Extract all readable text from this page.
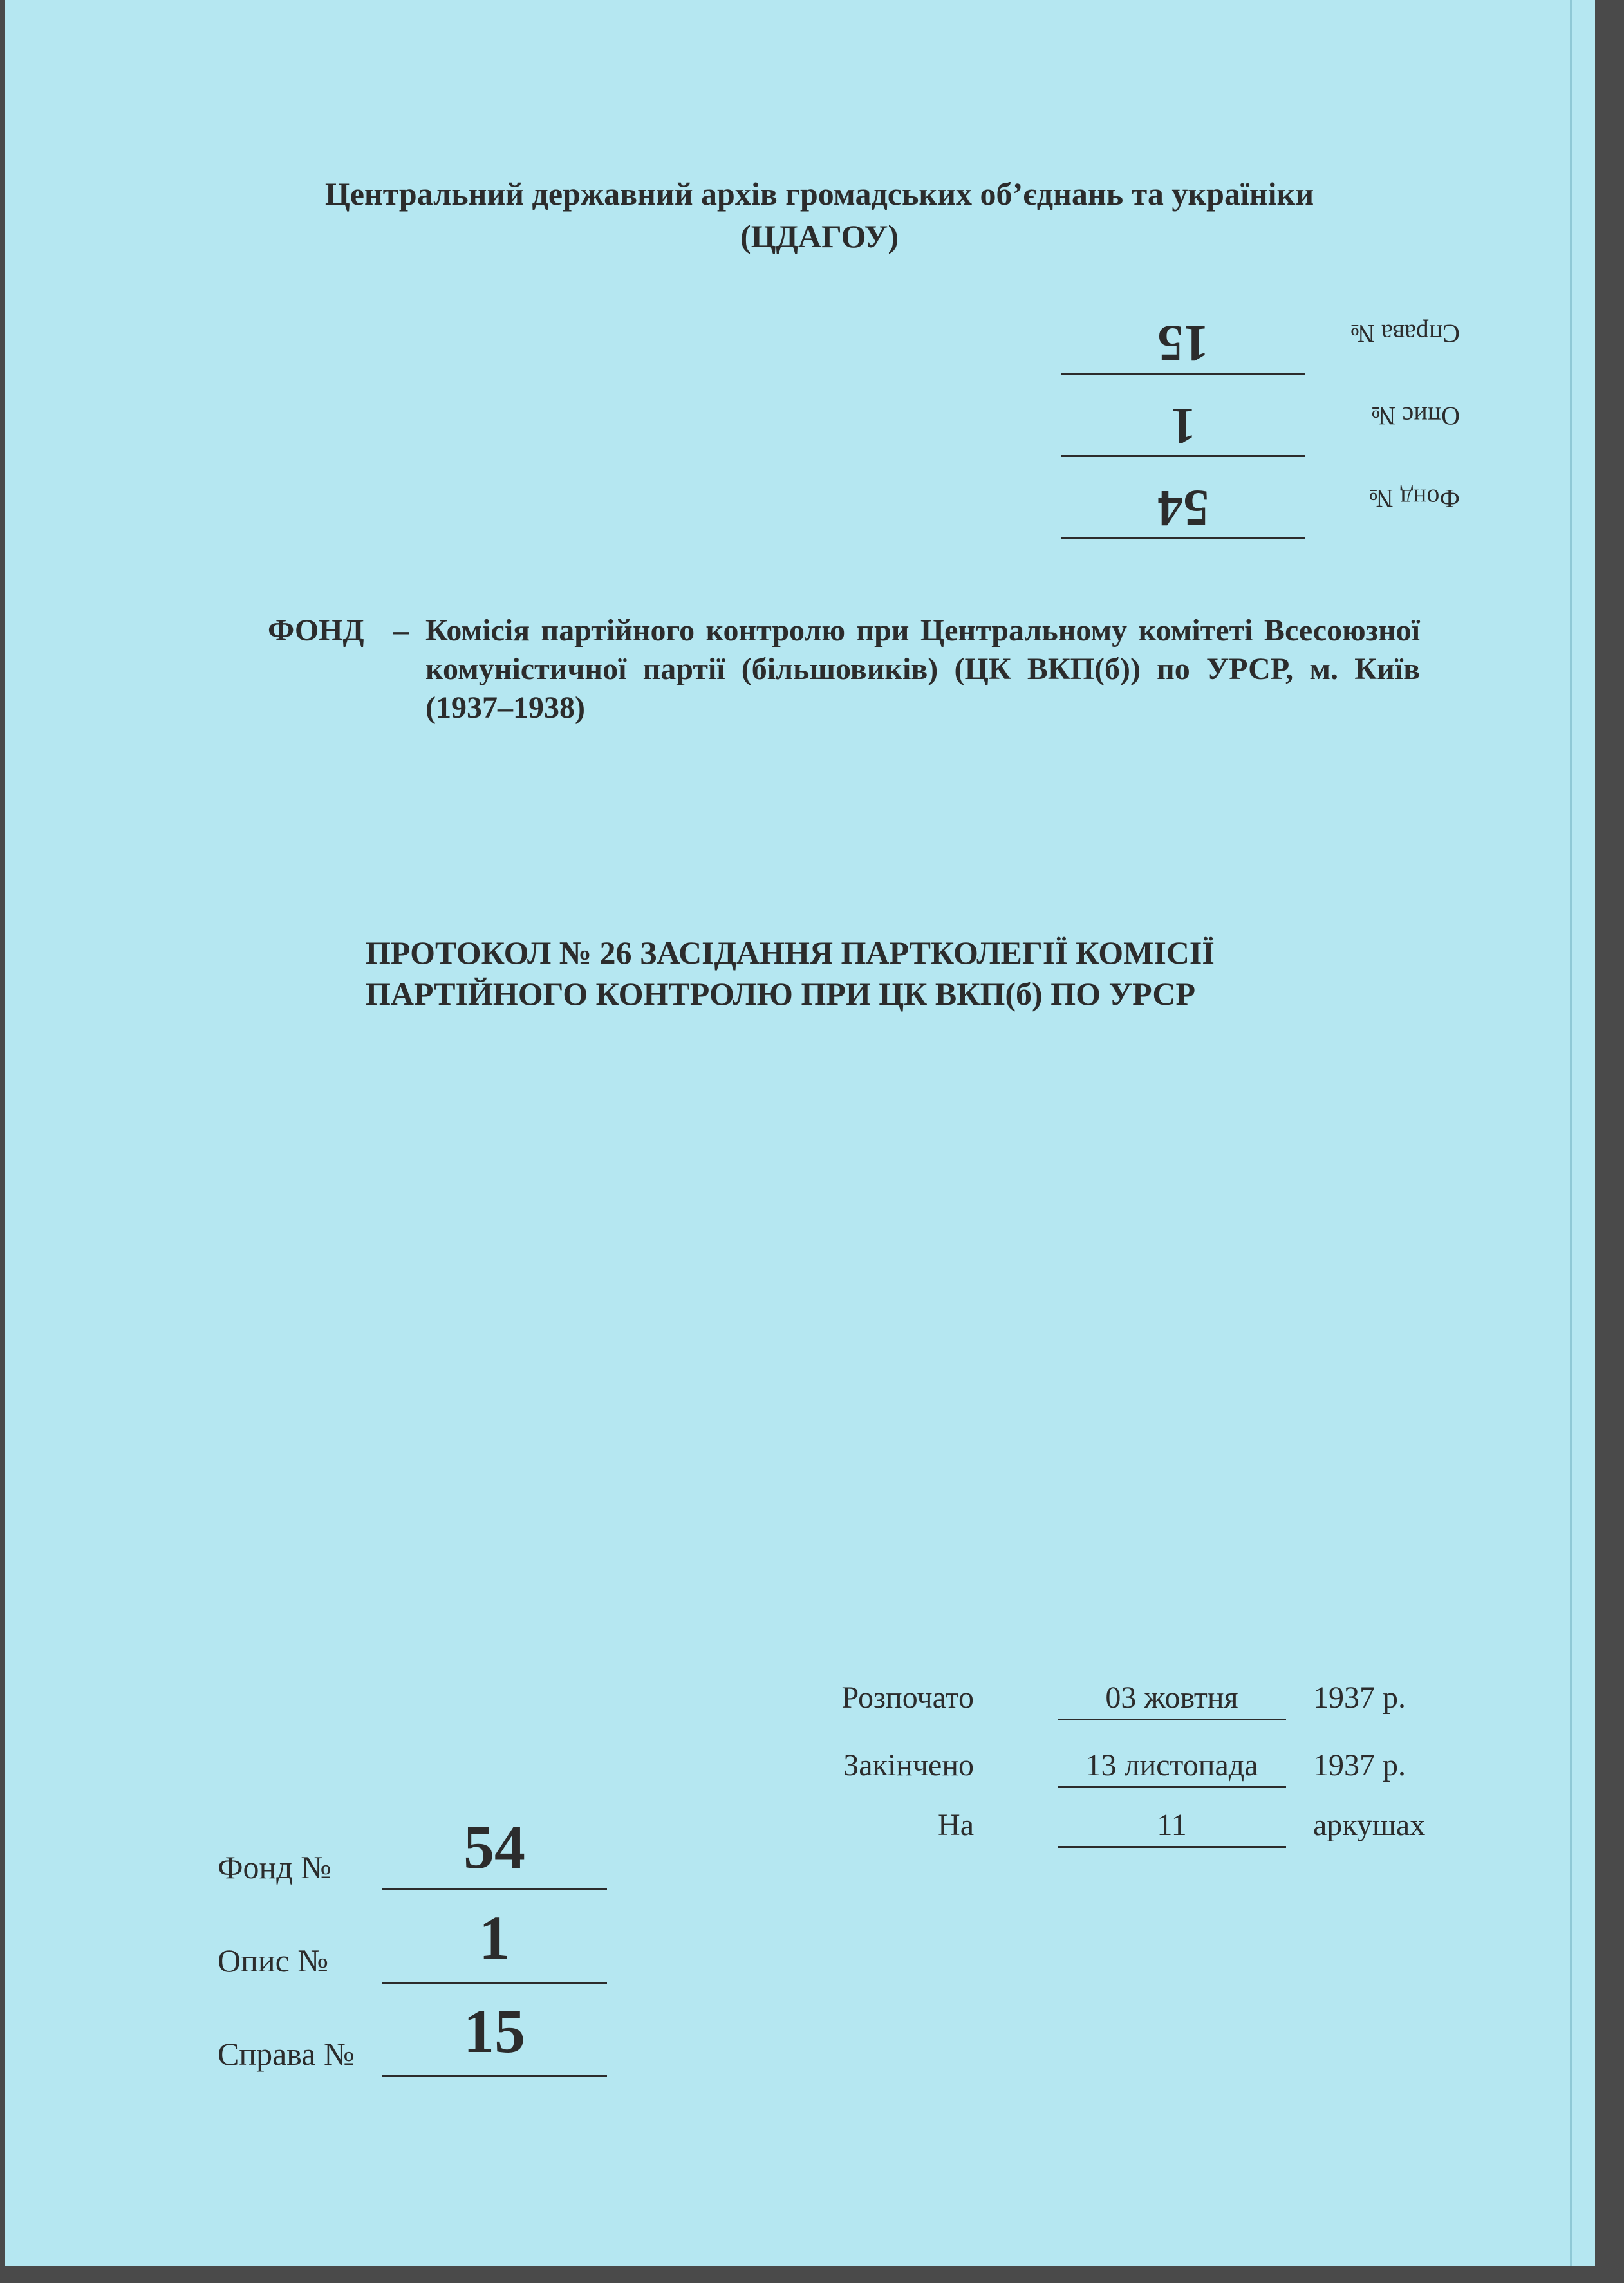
Центральний державний архів громадських об’єднань та україніки
(ЦДАГОУ)
Фонд №
54
Опис №
1
Справа №
15
ФОНД – Комісія партійного контролю при Центральному комітеті Всесоюзної комуністичної партії (більшовиків) (ЦК ВКП(б)) по УРСР, м. Київ (1937–1938)
ПРОТОКОЛ № 26 ЗАСІДАННЯ ПАРТКОЛЕГІЇ КОМІСІЇ
ПАРТІЙНОГО КОНТРОЛЮ ПРИ ЦК ВКП(б) ПО УРСР
Розпочато	03 жовтня	1937 р.
Закінчено	13 листопада	1937 р.
На	11	аркушах
Фонд №	54
Опис №	1
Справа №	15
